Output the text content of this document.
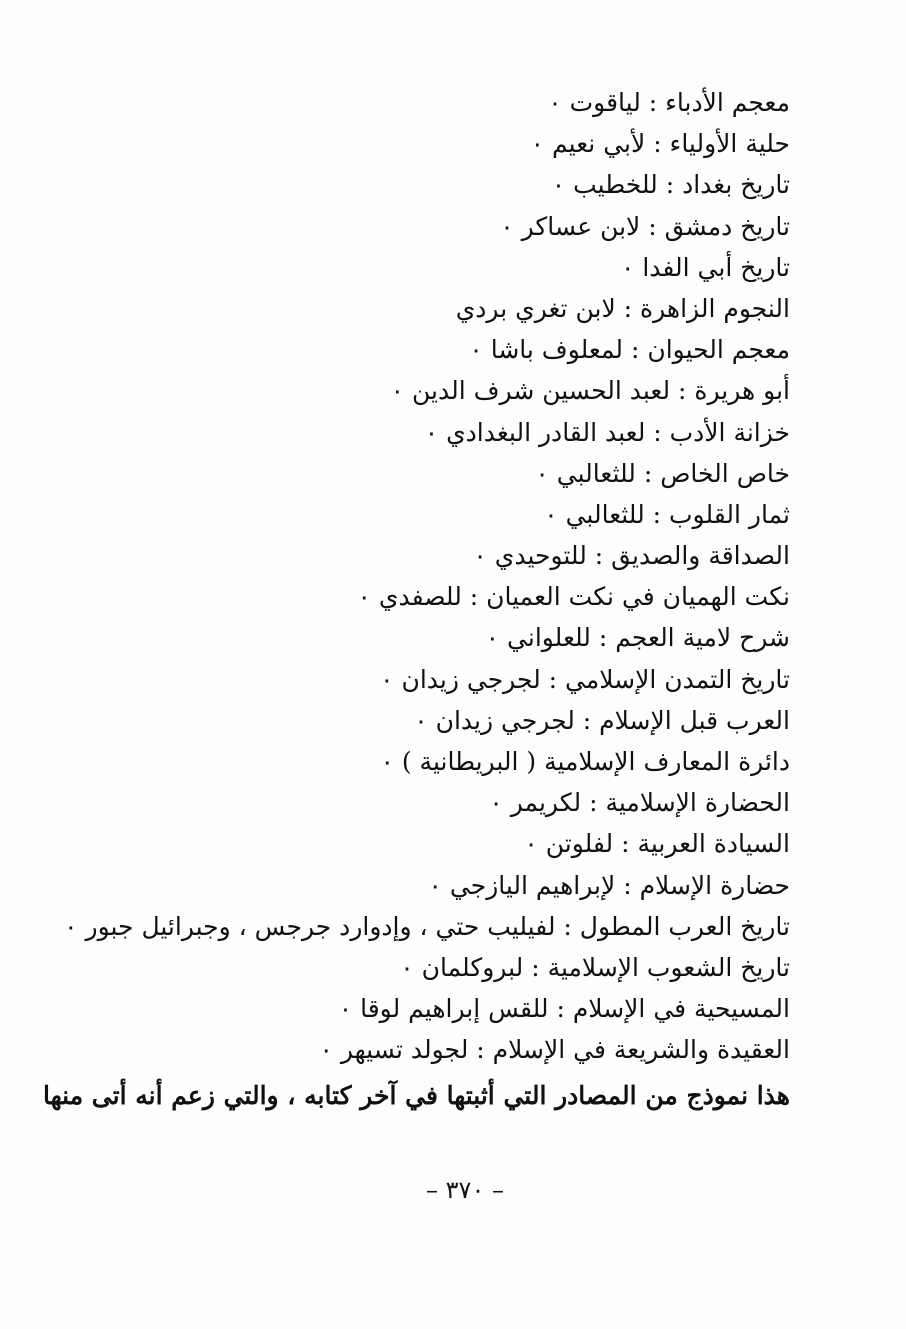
معجم الأدباء : لياقوت ٠
حلية الأولياء : لأبي نعيم ٠
تاريخ بغداد : للخطيب ٠
تاريخ دمشق : لابن عساكر ٠
تاريخ أبي الفدا ٠
النجوم الزاهرة : لابن تغري بردي
معجم الحيوان : لمعلوف باشا ٠
أبو هريرة : لعبد الحسين شرف الدين ٠
خزانة الأدب : لعبد القادر البغدادي ٠
خاص الخاص : للثعالبي ٠
ثمار القلوب : للثعالبي ٠
الصداقة والصديق : للتوحيدي ٠
نكت الهميان في نكت العميان : للصفدي ٠
شرح لامية العجم : للعلواني ٠
تاريخ التمدن الإسلامي : لجرجي زيدان ٠
العرب قبل الإسلام : لجرجي زيدان ٠
دائرة المعارف الإسلامية ( البريطانية ) ٠
الحضارة الإسلامية : لكريمر ٠
السيادة العربية : لفلوتن ٠
حضارة الإسلام : لإبراهيم اليازجي ٠
تاريخ العرب المطول : لفيليب حتي ، وإدوارد جرجس ، وجبرائيل جبور ٠
تاريخ الشعوب الإسلامية : لبروكلمان ٠
المسيحية في الإسلام : للقس إبراهيم لوقا ٠
العقيدة والشريعة في الإسلام : لجولد تسيهر ٠
هذا نموذج من المصادر التي أثبتها في آخر كتابه ، والتي زعم أنه أتى منها
– ٣٧٠ –
